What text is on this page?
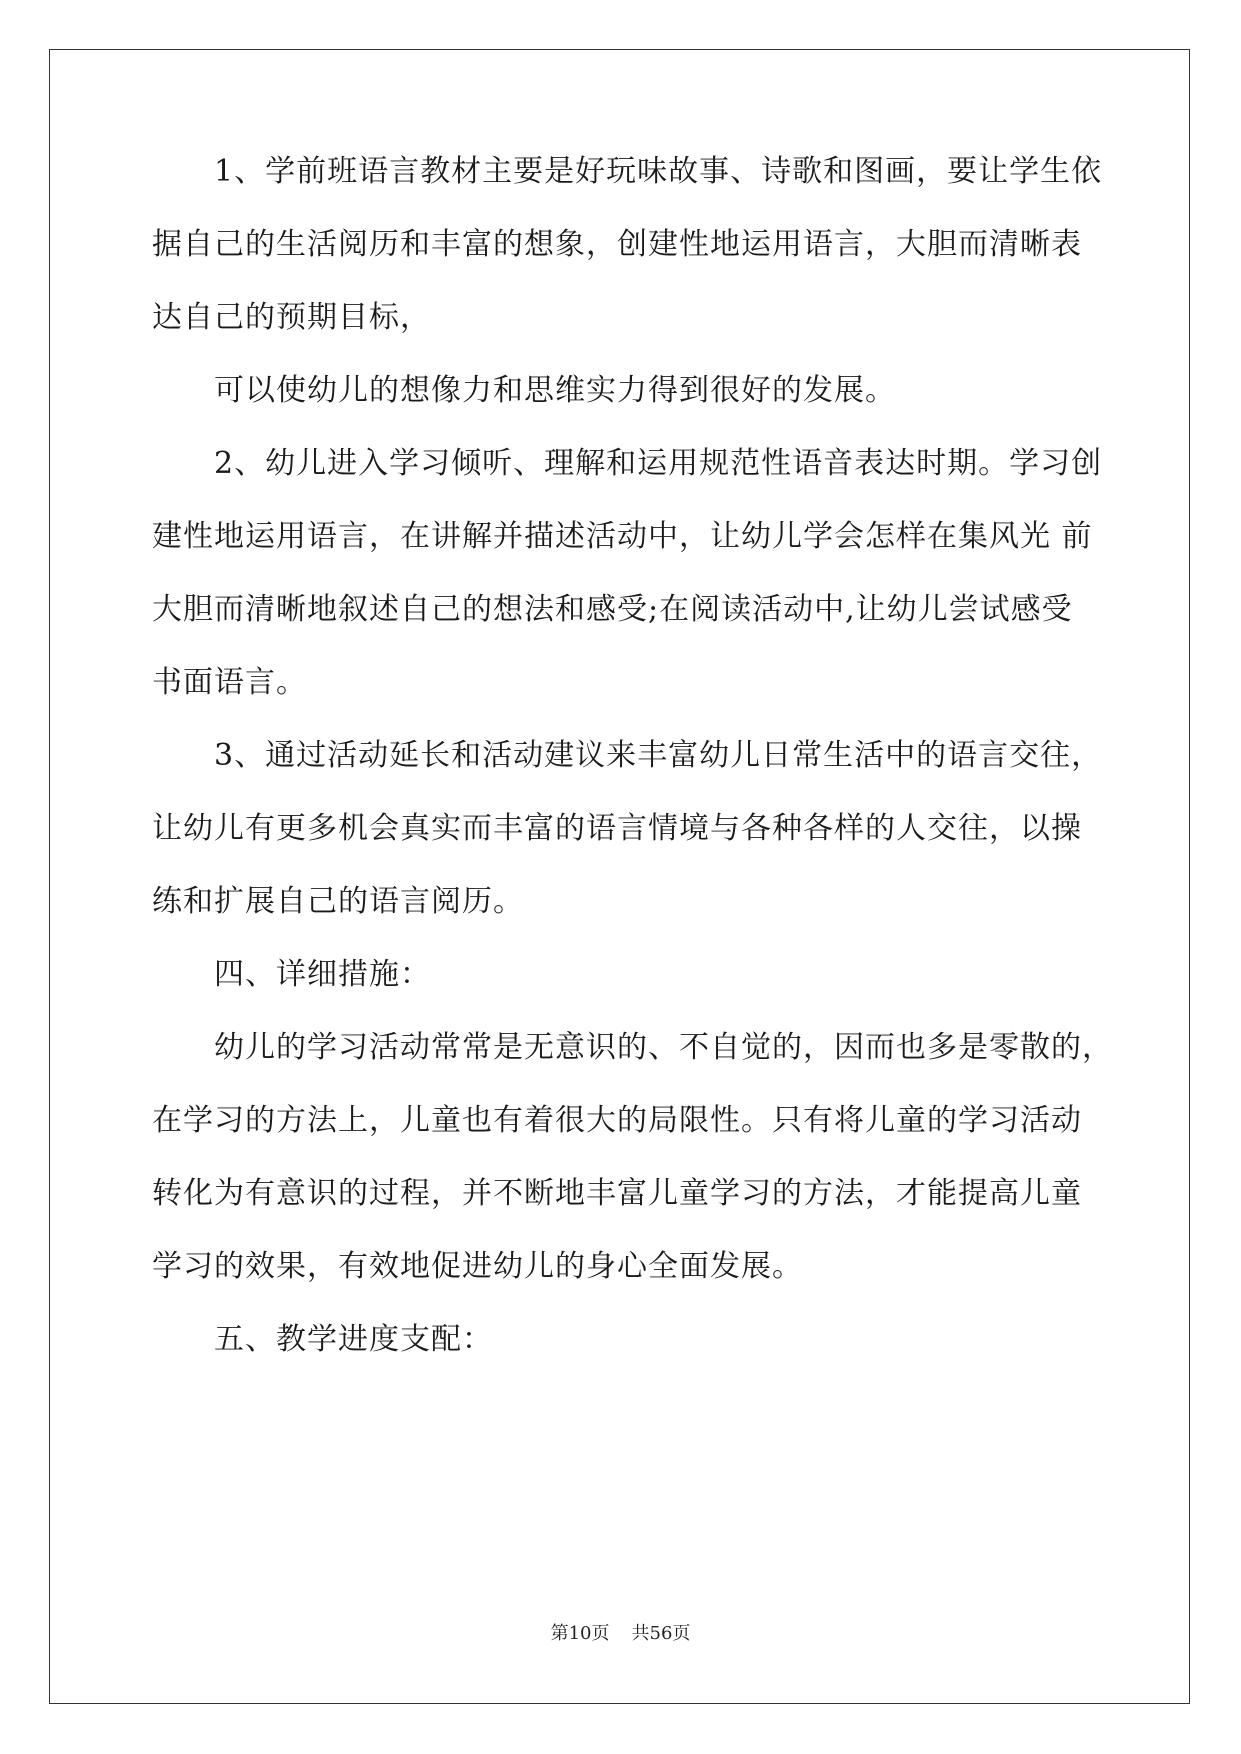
1、学前班语言教材主要是好玩味故事、诗歌和图画，要让学生依
据自己的生活阅历和丰富的想象，创建性地运用语言，大胆而清晰表
达自己的预期目标，
可以使幼儿的想像力和思维实力得到很好的发展。
2、幼儿进入学习倾听、理解和运用规范性语音表达时期。学习创
建性地运用语言，在讲解并描述活动中，让幼儿学会怎样在集风光 前
大胆而清晰地叙述自己的想法和感受;在阅读活动中,让幼儿尝试感受
书面语言。
3、通过活动延长和活动建议来丰富幼儿日常生活中的语言交往，
让幼儿有更多机会真实而丰富的语言情境与各种各样的人交往，以操
练和扩展自己的语言阅历。
四、详细措施：
幼儿的学习活动常常是无意识的、不自觉的，因而也多是零散的，
在学习的方法上，儿童也有着很大的局限性。只有将儿童的学习活动
转化为有意识的过程，并不断地丰富儿童学习的方法，才能提高儿童
学习的效果，有效地促进幼儿的身心全面发展。
五、教学进度支配：
第10页 共56页
